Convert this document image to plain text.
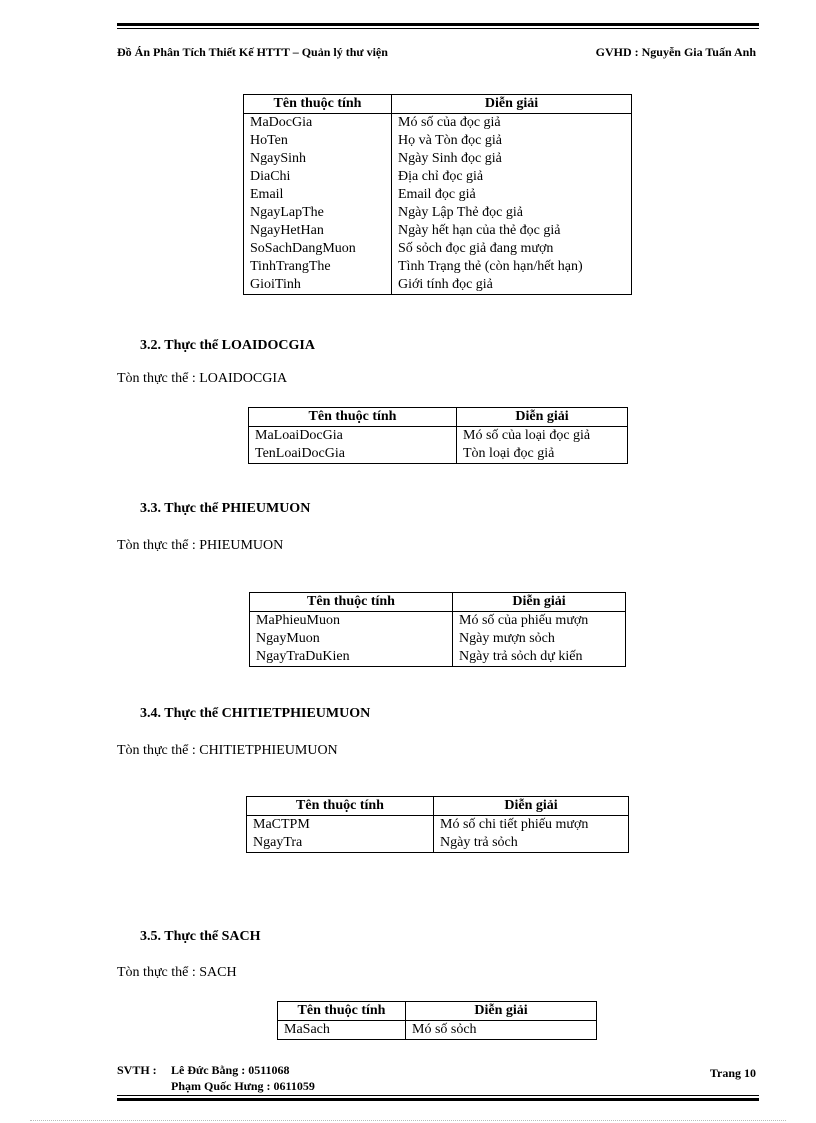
Đồ Án Phân Tích Thiết Kế HTTT – Quản lý thư viện	GVHD : Nguyễn Gia Tuấn Anh
Tên thuộc tính	Diễn giải
MaDocGia	Mó số của đọc giả
HoTen	Họ và Tòn đọc giả
NgaySinh	Ngày Sinh đọc giả
DiaChi	Địa chỉ đọc giả
Email	Email đọc giả
NgayLapThe	Ngày Lập Thẻ đọc giả
NgayHetHan	Ngày hết hạn của thẻ đọc giả
SoSachDangMuon	Số sỏch đọc giả đang mượn
TinhTrangThe	Tình Trạng thẻ (còn hạn/hết hạn)
GioiTinh	Giới tính đọc giả
3.2. Thực thể LOAIDOCGIA
Tòn thực thể : LOAIDOCGIA
Tên thuộc tính	Diễn giải
MaLoaiDocGia	Mó số của loại đọc giả
TenLoaiDocGia	Tòn loại đọc giả
3.3. Thực thể PHIEUMUON
Tòn thực thể : PHIEUMUON
Tên thuộc tính	Diễn giải
MaPhieuMuon	Mó số của phiếu mượn
NgayMuon	Ngày mượn sỏch
NgayTraDuKien	Ngày trả sỏch dự kiến
3.4. Thực thể CHITIETPHIEUMUON
Tòn thực thể : CHITIETPHIEUMUON
Tên thuộc tính	Diễn giải
MaCTPM	Mó số chi tiết phiếu mượn
NgayTra	Ngày trả sỏch
3.5. Thực thể SACH
Tòn thực thể : SACH
Tên thuộc tính	Diễn giải
MaSach	Mó số sỏch
SVTH : Lê Đức Bằng : 0511068
Phạm Quốc Hưng : 0611059
Trang 10
